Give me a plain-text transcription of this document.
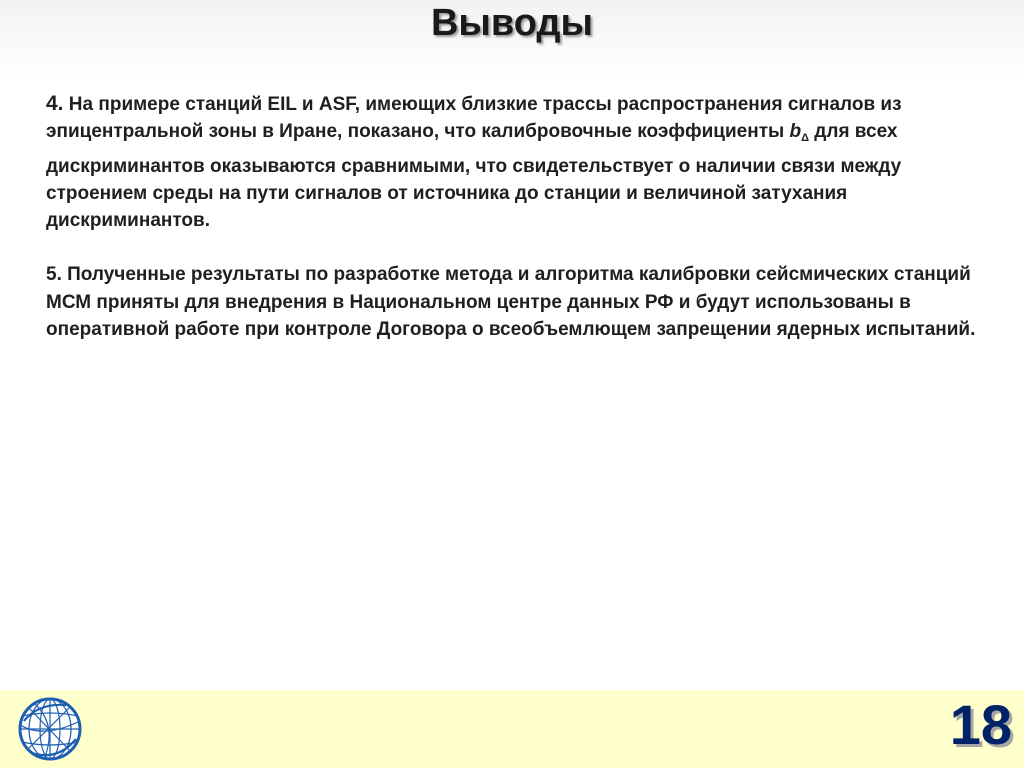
Выводы

4. На примере станций EIL и ASF, имеющих близкие трассы распространения сигналов из эпицентральной зоны в Иране, показано, что калибровочные коэффициенты $b_\Delta$ для всех дискриминантов оказываются сравнимыми, что свидетельствует о наличии связи между строением среды на пути сигналов от источника до станции и величиной затухания дискриминантов.

5. Полученные результаты по разработке метода и алгоритма калибровки сейсмических станций МСМ приняты для внедрения в Национальном центре данных РФ и будут использованы в оперативной работе при контроле Договора о всеобъемлющем запрещении ядерных испытаний.

18
